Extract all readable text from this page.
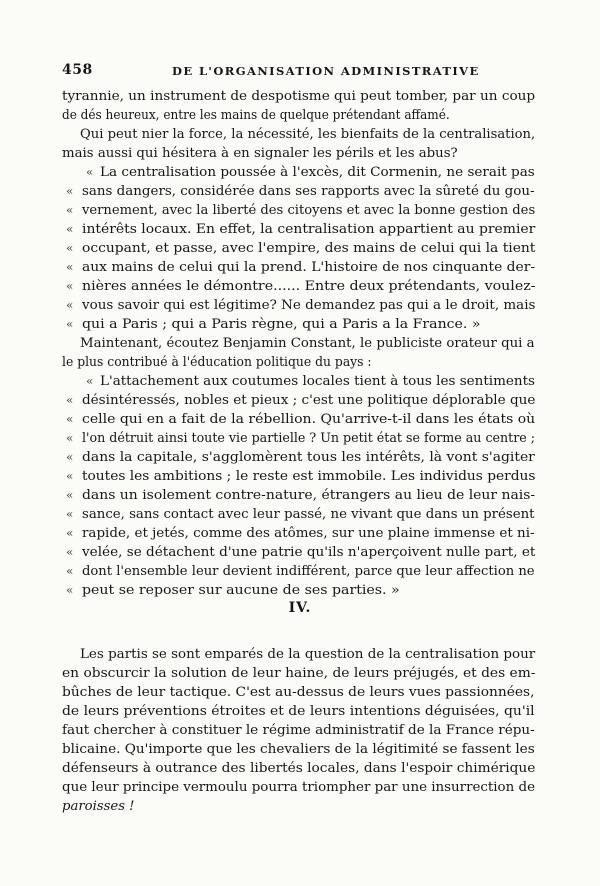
458	DE L'ORGANISATION ADMINISTRATIVE
tyrannie, un instrument de despotisme qui peut tomber, par un coup
de dés heureux, entre les mains de quelque prétendant affamé.
Qui peut nier la force, la nécessité, les bienfaits de la centralisation,
mais aussi qui hésitera à en signaler les périls et les abus?
« La centralisation poussée à l'excès, dit Cormenin, ne serait pas
« sans dangers, considérée dans ses rapports avec la sûreté du gou-
« vernement, avec la liberté des citoyens et avec la bonne gestion des
« intérêts locaux. En effet, la centralisation appartient au premier
« occupant, et passe, avec l'empire, des mains de celui qui la tient
« aux mains de celui qui la prend. L'histoire de nos cinquante der-
« nières années le démontre...... Entre deux prétendants, voulez-
« vous savoir qui est légitime? Ne demandez pas qui a le droit, mais
« qui a Paris ; qui a Paris règne, qui a Paris a la France. »
Maintenant, écoutez Benjamin Constant, le publiciste orateur qui a
le plus contribué à l'éducation politique du pays :
« L'attachement aux coutumes locales tient à tous les sentiments
« désintéressés, nobles et pieux ; c'est une politique déplorable que
« celle qui en a fait de la rébellion. Qu'arrive-t-il dans les états où
« l'on détruit ainsi toute vie partielle ? Un petit état se forme au centre ;
« dans la capitale, s'agglomèrent tous les intérêts, là vont s'agiter
« toutes les ambitions ; le reste est immobile. Les individus perdus
« dans un isolement contre-nature, étrangers au lieu de leur nais-
« sance, sans contact avec leur passé, ne vivant que dans un présent
« rapide, et jetés, comme des atômes, sur une plaine immense et ni-
« velée, se détachent d'une patrie qu'ils n'aperçoivent nulle part, et
« dont l'ensemble leur devient indifférent, parce que leur affection ne
« peut se reposer sur aucune de ses parties. »
Les partis se sont emparés de la question de la centralisation pour
en obscurcir la solution de leur haine, de leurs préjugés, et des em-
bûches de leur tactique. C'est au-dessus de leurs vues passionnées,
de leurs préventions étroites et de leurs intentions déguisées, qu'il
faut chercher à constituer le régime administratif de la France répu-
blicaine. Qu'importe que les chevaliers de la légitimité se fassent les
défenseurs à outrance des libertés locales, dans l'espoir chimérique
que leur principe vermoulu pourra triompher par une insurrection de
paroisses !
IV.
